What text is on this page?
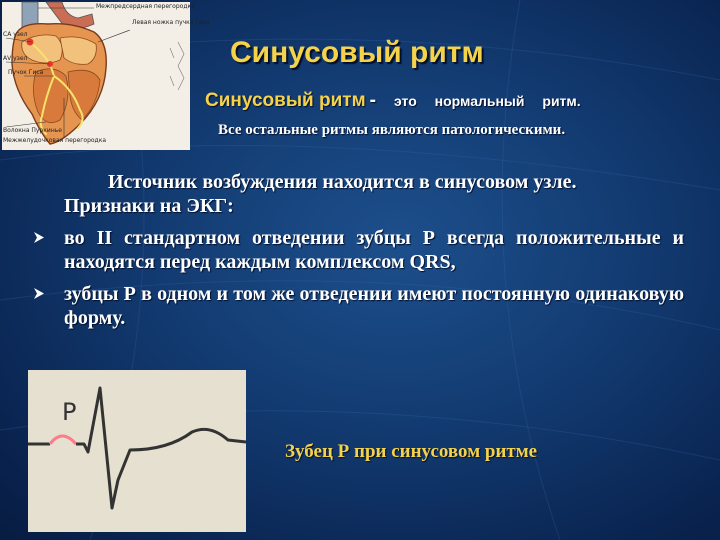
Межпредсердная перегородка
Левая ножка пучка Гиса
СА узел
АV узел
Пучок Гиса
Волокна Пуркинье
Межжелудочковая перегородка
Синусовый ритм
Синусовый ритм - это нормальный ритм.
Все остальные ритмы являются патологическими.

Источник возбуждения находится в синусовом узле.

Признаки на ЭКГ:

во II стандартном отведении зубцы Р всегда положительные и находятся перед каждым комплексом QRS,
зубцы Р в одном и том же отведении имеют постоянную одинаковую форму.
P
Зубец Р при синусовом ритме
